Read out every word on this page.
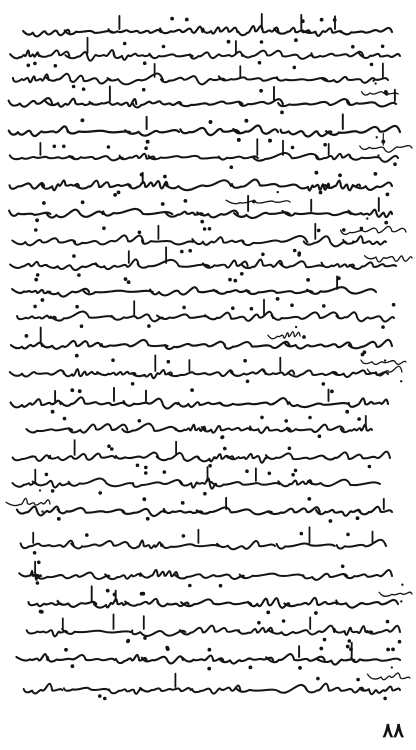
۸۸
